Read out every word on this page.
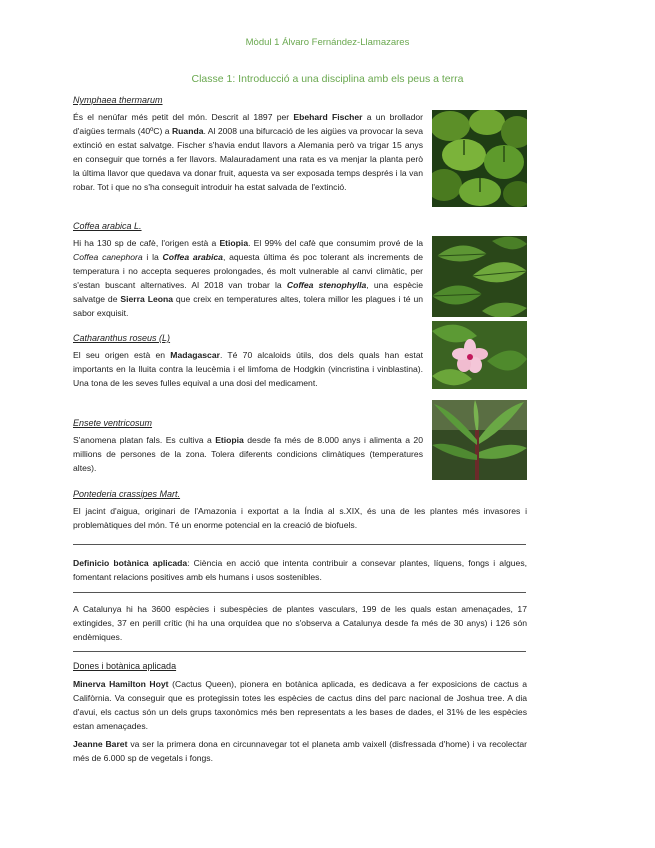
Mòdul 1 Álvaro Fernández-Llamazares
Classe 1: Introducció a una disciplina amb els peus a terra
Nymphaea thermarum
És el nenúfar més petit del món. Descrit al 1897 per Ebehard Fischer a un brollador d'aigües termals (40ºC) a Ruanda. Al 2008 una bifurcació de les aigües va provocar la seva extinció en estat salvatge. Fischer s'havia endut llavors a Alemania però va trigar 15 anys en conseguir que tornés a fer llavors. Malauradament una rata es va menjar la planta però la última llavor que quedava va donar fruit, aquesta va ser exposada temps després i la van robar. Tot i que no s'ha conseguit introduir ha estat salvada de l'extinció.
Coffea arabica L.
Hi ha 130 sp de cafè, l'origen està a Etiopia. El 99% del cafè que consumim prové de la Coffea canephora i la Coffea arabica, aquesta última és poc tolerant als increments de temperatura i no accepta sequeres prolongades, és molt vulnerable al canvi climàtic, per s'estan buscant alternatives. Al 2018 van trobar la Coffea stenophylla, una espècie salvatge de Sierra Leona que creix en temperatures altes, tolera millor les plagues i té un sabor exquisit.
Catharanthus roseus (L)
El seu origen està en Madagascar. Té 70 alcaloids útils, dos dels quals han estat importants en la lluita contra la leucèmia i el limfoma de Hodgkin (vincristina i vinblastina). Una tona de les seves fulles equival a una dosi del medicament.
Ensete ventricosum
S'anomena platan fals. Es cultiva a Etiopia desde fa més de 8.000 anys i alimenta a 20 millions de persones de la zona. Tolera diferents condicions climàtiques (temperatures altes).
Pontederia crassipes Mart.
El jacint d'aigua, originari de l'Amazonia i exportat a la Índia al s.XIX, és una de les plantes més invasores i problemàtiques del món. Té un enorme potencial en la creació de biofuels.
Definicio botànica aplicada: Ciència en acció que intenta contribuir a consevar plantes, líquens, fongs i algues, fomentant relacions positives amb els humans i usos sostenibles.
A Catalunya hi ha 3600 espècies i subespècies de plantes vasculars, 199 de les quals estan amenaçades, 17 extingides, 37 en perill crític (hi ha una orquídea que no s'observa a Catalunya desde fa més de 30 anys) i 126 són endèmiques.
Dones i botànica aplicada
Minerva Hamilton Hoyt (Cactus Queen), pionera en botànica aplicada, es dedicava a fer exposicions de cactus a Califòrnia. Va conseguir que es protegissin totes les espècies de cactus dins del parc nacional de Joshua tree. A dia d'avui, els cactus són un dels grups taxonòmics més ben representats a les bases de dades, el 31% de les espècies estan amenaçades.
Jeanne Baret va ser la primera dona en circunnavegar tot el planeta amb vaixell (disfressada d'home) i va recolectar més de 6.000 sp de vegetals i fongs.
